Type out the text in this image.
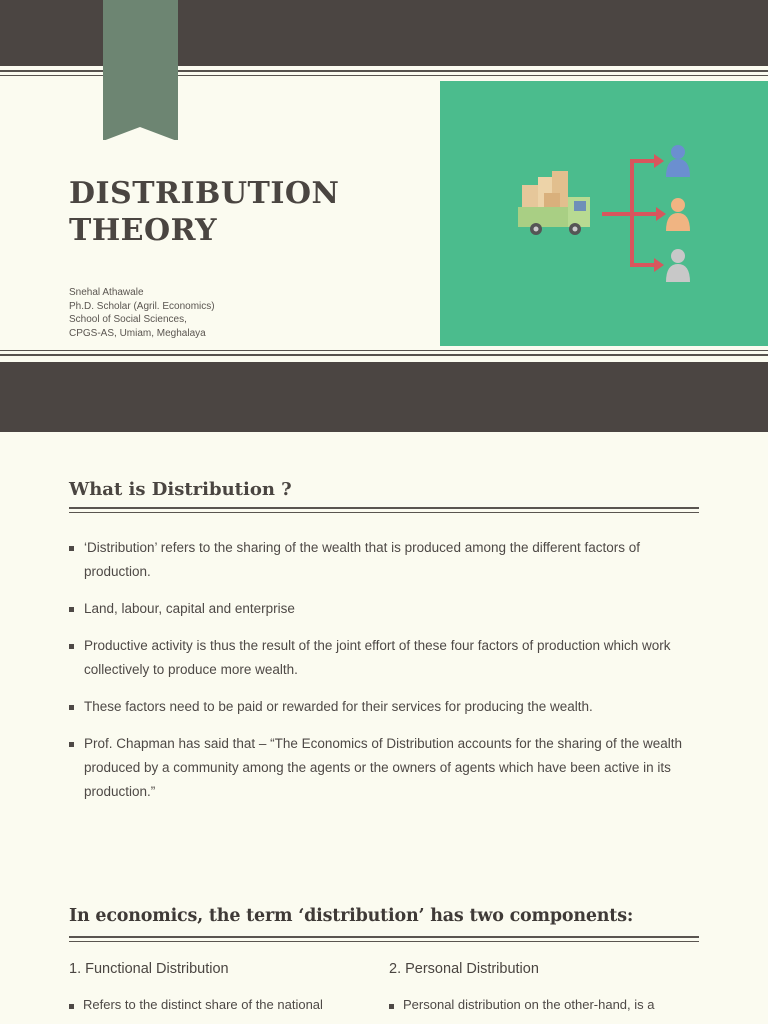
DISTRIBUTION
THEORY
Snehal Athawale
Ph.D. Scholar (Agril. Economics)
School of Social Sciences,
CPGS-AS, Umiam, Meghalaya
What is Distribution ?
‘Distribution’ refers to the sharing of the wealth that is produced among the different factors of production.
Land, labour, capital and enterprise
Productive activity is thus the result of the joint effort of these four factors of production which work collectively to produce more wealth.
These factors need to be paid or rewarded for their services for producing the wealth.
Prof. Chapman has said that – “The Economics of Distribution accounts for the sharing of the wealth produced by a community among the agents or the owners of agents which have been active in its production.”
In economics, the term ‘distribution’ has two components:
1. Functional Distribution	2. Personal Distribution
Refers to the distinct share of the national	Personal distribution on the other-hand, is a
